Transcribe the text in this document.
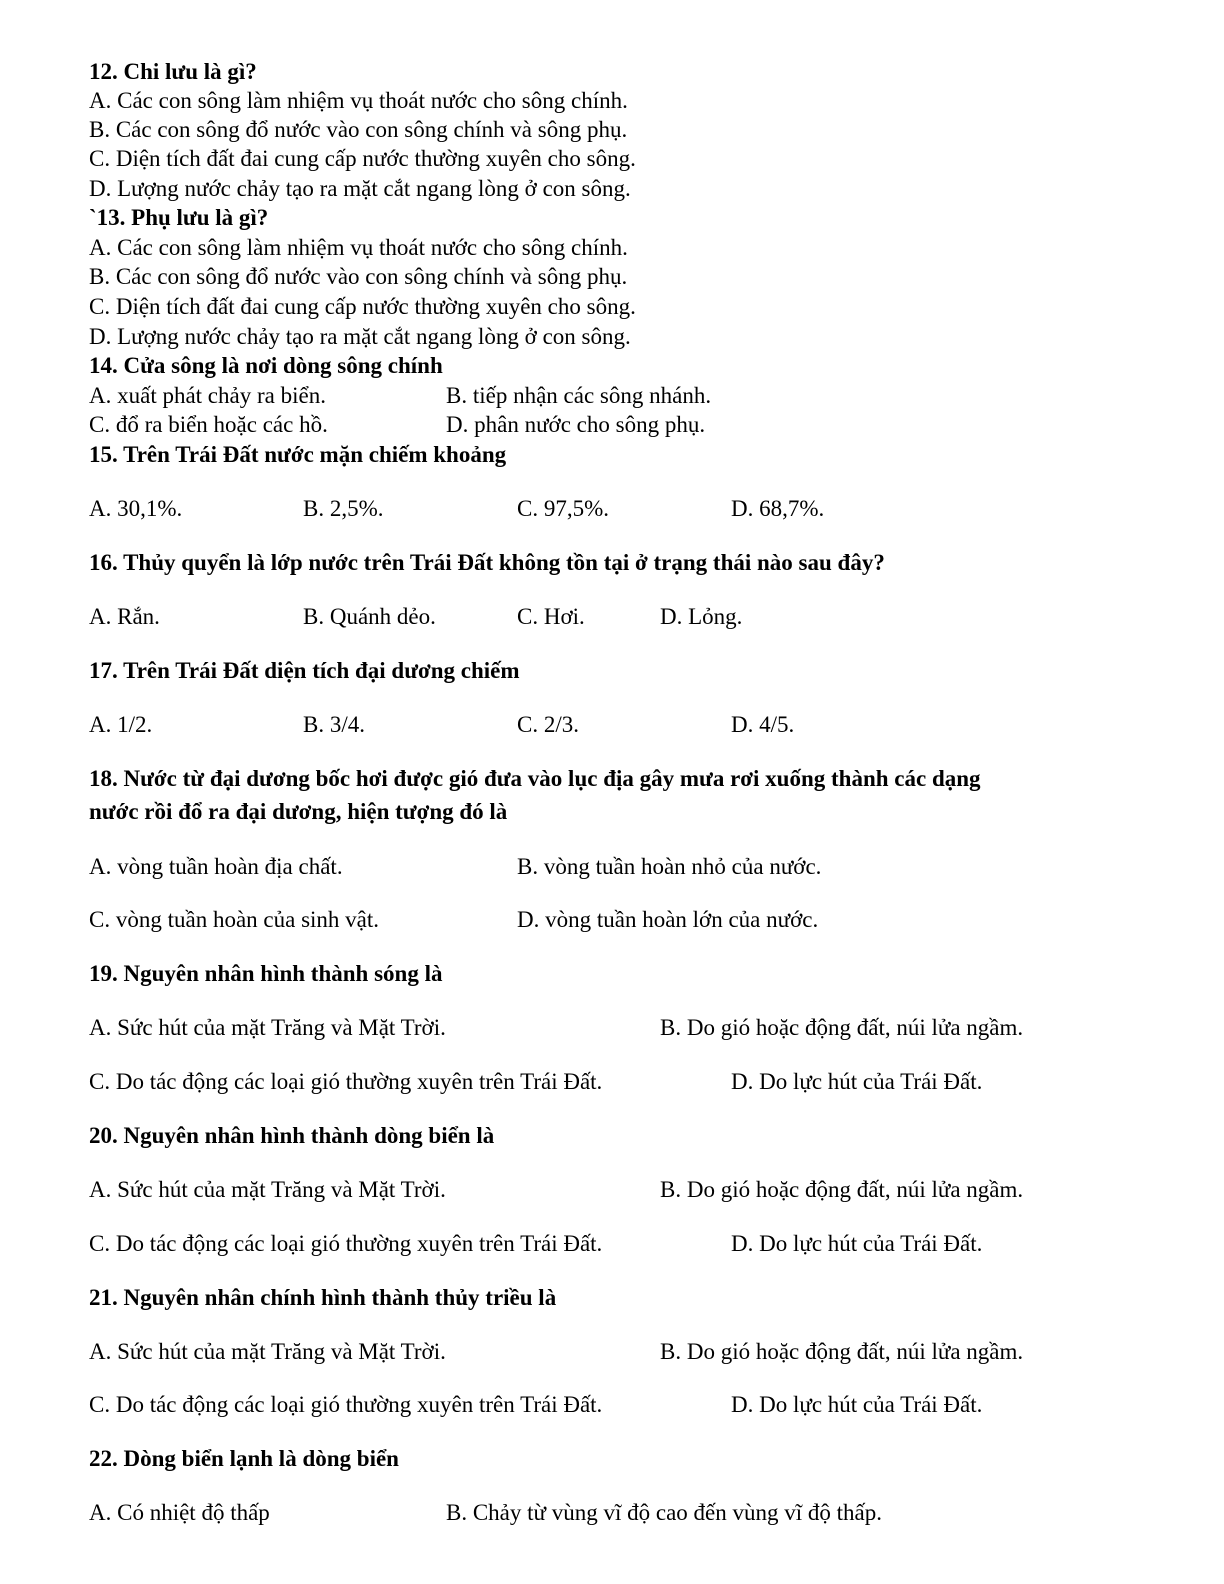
12. Chi lưu là gì?
A. Các con sông làm nhiệm vụ thoát nước cho sông chính.
B. Các con sông đổ nước vào con sông chính và sông phụ.
C. Diện tích đất đai cung cấp nước thường xuyên cho sông.
D. Lượng nước chảy tạo ra mặt cắt ngang lòng ở con sông.
`13. Phụ lưu là gì?
A. Các con sông làm nhiệm vụ thoát nước cho sông chính.
B. Các con sông đổ nước vào con sông chính và sông phụ.
C. Diện tích đất đai cung cấp nước thường xuyên cho sông.
D. Lượng nước chảy tạo ra mặt cắt ngang lòng ở con sông.
14. Cửa sông là nơi dòng sông chính
A. xuất phát chảy ra biển.	B. tiếp nhận các sông nhánh.
C. đổ ra biển hoặc các hồ.	D. phân nước cho sông phụ.
15. Trên Trái Đất nước mặn chiếm khoảng
A. 30,1%.	B. 2,5%.	C. 97,5%.	D. 68,7%.
16. Thủy quyển là lớp nước trên Trái Đất không tồn tại ở trạng thái nào sau đây?
A. Rắn.	B. Quánh dẻo.	C. Hơi.	D. Lỏng.
17. Trên Trái Đất diện tích đại dương chiếm
A. 1/2.	B. 3/4.	C. 2/3.	D. 4/5.
18. Nước từ đại dương bốc hơi được gió đưa vào lục địa gây mưa rơi xuống thành các dạng
nước rồi đổ ra đại dương, hiện tượng đó là
A. vòng tuần hoàn địa chất.	B. vòng tuần hoàn nhỏ của nước.
C. vòng tuần hoàn của sinh vật.	D. vòng tuần hoàn lớn của nước.
19. Nguyên nhân hình thành sóng là
A. Sức hút của mặt Trăng và Mặt Trời.	B. Do gió hoặc động đất, núi lửa ngầm.
C. Do tác động các loại gió thường xuyên trên Trái Đất.	D. Do lực hút của Trái Đất.
20. Nguyên nhân hình thành dòng biển là
A. Sức hút của mặt Trăng và Mặt Trời.	B. Do gió hoặc động đất, núi lửa ngầm.
C. Do tác động các loại gió thường xuyên trên Trái Đất.	D. Do lực hút của Trái Đất.
21. Nguyên nhân chính hình thành thủy triều là
A. Sức hút của mặt Trăng và Mặt Trời.	B. Do gió hoặc động đất, núi lửa ngầm.
C. Do tác động các loại gió thường xuyên trên Trái Đất.	D. Do lực hút của Trái Đất.
22. Dòng biển lạnh là dòng biển
A. Có nhiệt độ thấp	B. Chảy từ vùng vĩ độ cao đến vùng vĩ độ thấp.
